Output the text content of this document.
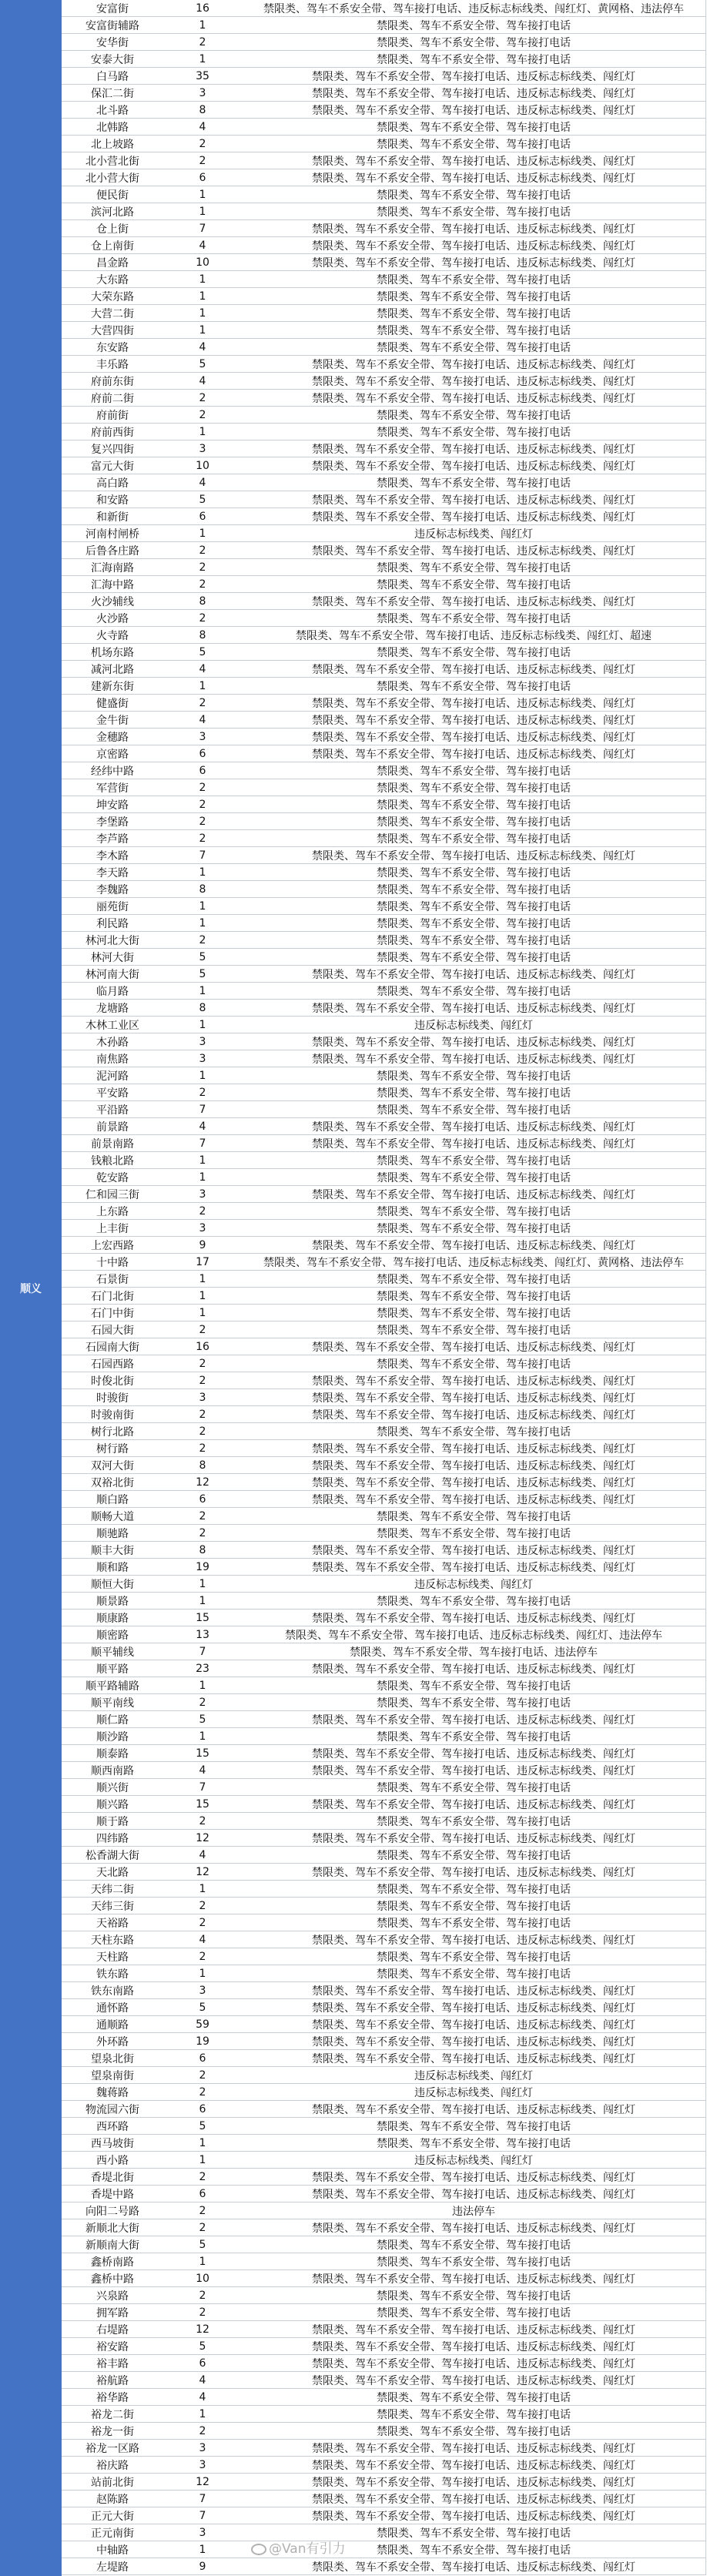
顺义
安富街	16	禁限类、驾车不系安全带、驾车接打电话、违反标志标线类、闯红灯、黄网格、违法停车
安富街辅路	1	禁限类、驾车不系安全带、驾车接打电话
安华街	2	禁限类、驾车不系安全带、驾车接打电话
安泰大街	1	禁限类、驾车不系安全带、驾车接打电话
白马路	35	禁限类、驾车不系安全带、驾车接打电话、违反标志标线类、闯红灯
保汇二街	3	禁限类、驾车不系安全带、驾车接打电话、违反标志标线类、闯红灯
北斗路	8	禁限类、驾车不系安全带、驾车接打电话、违反标志标线类、闯红灯
北韩路	4	禁限类、驾车不系安全带、驾车接打电话
北上坡路	2	禁限类、驾车不系安全带、驾车接打电话
北小营北街	2	禁限类、驾车不系安全带、驾车接打电话、违反标志标线类、闯红灯
北小营大街	6	禁限类、驾车不系安全带、驾车接打电话、违反标志标线类、闯红灯
便民街	1	禁限类、驾车不系安全带、驾车接打电话
滨河北路	1	禁限类、驾车不系安全带、驾车接打电话
仓上街	7	禁限类、驾车不系安全带、驾车接打电话、违反标志标线类、闯红灯
仓上南街	4	禁限类、驾车不系安全带、驾车接打电话、违反标志标线类、闯红灯
昌金路	10	禁限类、驾车不系安全带、驾车接打电话、违反标志标线类、闯红灯
大东路	1	禁限类、驾车不系安全带、驾车接打电话
大荣东路	1	禁限类、驾车不系安全带、驾车接打电话
大营二街	1	禁限类、驾车不系安全带、驾车接打电话
大营四街	1	禁限类、驾车不系安全带、驾车接打电话
东安路	4	禁限类、驾车不系安全带、驾车接打电话
丰乐路	5	禁限类、驾车不系安全带、驾车接打电话、违反标志标线类、闯红灯
府前东街	4	禁限类、驾车不系安全带、驾车接打电话、违反标志标线类、闯红灯
府前二街	2	禁限类、驾车不系安全带、驾车接打电话、违反标志标线类、闯红灯
府前街	2	禁限类、驾车不系安全带、驾车接打电话
府前西街	1	禁限类、驾车不系安全带、驾车接打电话
复兴四街	3	禁限类、驾车不系安全带、驾车接打电话、违反标志标线类、闯红灯
富元大街	10	禁限类、驾车不系安全带、驾车接打电话、违反标志标线类、闯红灯
高白路	4	禁限类、驾车不系安全带、驾车接打电话
和安路	5	禁限类、驾车不系安全带、驾车接打电话、违反标志标线类、闯红灯
和新街	6	禁限类、驾车不系安全带、驾车接打电话、违反标志标线类、闯红灯
河南村闸桥	1	违反标志标线类、闯红灯
后鲁各庄路	2	禁限类、驾车不系安全带、驾车接打电话、违反标志标线类、闯红灯
汇海南路	2	禁限类、驾车不系安全带、驾车接打电话
汇海中路	2	禁限类、驾车不系安全带、驾车接打电话
火沙辅线	8	禁限类、驾车不系安全带、驾车接打电话、违反标志标线类、闯红灯
火沙路	2	禁限类、驾车不系安全带、驾车接打电话
火寺路	8	禁限类、驾车不系安全带、驾车接打电话、违反标志标线类、闯红灯、超速
机场东路	5	禁限类、驾车不系安全带、驾车接打电话
减河北路	4	禁限类、驾车不系安全带、驾车接打电话、违反标志标线类、闯红灯
建新东街	1	禁限类、驾车不系安全带、驾车接打电话
健盛街	2	禁限类、驾车不系安全带、驾车接打电话、违反标志标线类、闯红灯
金牛街	4	禁限类、驾车不系安全带、驾车接打电话、违反标志标线类、闯红灯
金穗路	3	禁限类、驾车不系安全带、驾车接打电话、违反标志标线类、闯红灯
京密路	6	禁限类、驾车不系安全带、驾车接打电话、违反标志标线类、闯红灯
经纬中路	6	禁限类、驾车不系安全带、驾车接打电话
军营街	2	禁限类、驾车不系安全带、驾车接打电话
坤安路	2	禁限类、驾车不系安全带、驾车接打电话
李堡路	2	禁限类、驾车不系安全带、驾车接打电话
李芦路	2	禁限类、驾车不系安全带、驾车接打电话
李木路	7	禁限类、驾车不系安全带、驾车接打电话、违反标志标线类、闯红灯
李天路	1	禁限类、驾车不系安全带、驾车接打电话
李魏路	8	禁限类、驾车不系安全带、驾车接打电话
丽苑街	1	禁限类、驾车不系安全带、驾车接打电话
利民路	1	禁限类、驾车不系安全带、驾车接打电话
林河北大街	2	禁限类、驾车不系安全带、驾车接打电话
林河大街	5	禁限类、驾车不系安全带、驾车接打电话
林河南大街	5	禁限类、驾车不系安全带、驾车接打电话、违反标志标线类、闯红灯
临月路	1	禁限类、驾车不系安全带、驾车接打电话
龙塘路	8	禁限类、驾车不系安全带、驾车接打电话、违反标志标线类、闯红灯
木林工业区	1	违反标志标线类、闯红灯
木孙路	3	禁限类、驾车不系安全带、驾车接打电话、违反标志标线类、闯红灯
南焦路	3	禁限类、驾车不系安全带、驾车接打电话、违反标志标线类、闯红灯
泥河路	1	禁限类、驾车不系安全带、驾车接打电话
平安路	2	禁限类、驾车不系安全带、驾车接打电话
平沿路	7	禁限类、驾车不系安全带、驾车接打电话
前景路	4	禁限类、驾车不系安全带、驾车接打电话、违反标志标线类、闯红灯
前景南路	7	禁限类、驾车不系安全带、驾车接打电话、违反标志标线类、闯红灯
钱粮北路	1	禁限类、驾车不系安全带、驾车接打电话
乾安路	1	禁限类、驾车不系安全带、驾车接打电话
仁和园三街	3	禁限类、驾车不系安全带、驾车接打电话、违反标志标线类、闯红灯
上东路	2	禁限类、驾车不系安全带、驾车接打电话
上丰街	3	禁限类、驾车不系安全带、驾车接打电话
上宏西路	9	禁限类、驾车不系安全带、驾车接打电话、违反标志标线类、闯红灯
十中路	17	禁限类、驾车不系安全带、驾车接打电话、违反标志标线类、闯红灯、黄网格、违法停车
石景街	1	禁限类、驾车不系安全带、驾车接打电话
石门北街	1	禁限类、驾车不系安全带、驾车接打电话
石门中街	1	禁限类、驾车不系安全带、驾车接打电话
石园大街	2	禁限类、驾车不系安全带、驾车接打电话
石园南大街	16	禁限类、驾车不系安全带、驾车接打电话、违反标志标线类、闯红灯
石园西路	2	禁限类、驾车不系安全带、驾车接打电话
时俊北街	2	禁限类、驾车不系安全带、驾车接打电话、违反标志标线类、闯红灯
时骏街	3	禁限类、驾车不系安全带、驾车接打电话、违反标志标线类、闯红灯
时骏南街	2	禁限类、驾车不系安全带、驾车接打电话、违反标志标线类、闯红灯
树行北路	2	禁限类、驾车不系安全带、驾车接打电话
树行路	2	禁限类、驾车不系安全带、驾车接打电话、违反标志标线类、闯红灯
双河大街	8	禁限类、驾车不系安全带、驾车接打电话、违反标志标线类、闯红灯
双裕北街	12	禁限类、驾车不系安全带、驾车接打电话、违反标志标线类、闯红灯
顺白路	6	禁限类、驾车不系安全带、驾车接打电话、违反标志标线类、闯红灯
顺畅大道	2	禁限类、驾车不系安全带、驾车接打电话
顺驰路	2	禁限类、驾车不系安全带、驾车接打电话
顺丰大街	8	禁限类、驾车不系安全带、驾车接打电话、违反标志标线类、闯红灯
顺和路	19	禁限类、驾车不系安全带、驾车接打电话、违反标志标线类、闯红灯
顺恒大街	1	违反标志标线类、闯红灯
顺景路	1	禁限类、驾车不系安全带、驾车接打电话
顺康路	15	禁限类、驾车不系安全带、驾车接打电话、违反标志标线类、闯红灯
顺密路	13	禁限类、驾车不系安全带、驾车接打电话、违反标志标线类、闯红灯、违法停车
顺平辅线	7	禁限类、驾车不系安全带、驾车接打电话、违法停车
顺平路	23	禁限类、驾车不系安全带、驾车接打电话、违反标志标线类、闯红灯
顺平路辅路	1	禁限类、驾车不系安全带、驾车接打电话
顺平南线	2	禁限类、驾车不系安全带、驾车接打电话
顺仁路	5	禁限类、驾车不系安全带、驾车接打电话、违反标志标线类、闯红灯
顺沙路	1	禁限类、驾车不系安全带、驾车接打电话
顺泰路	15	禁限类、驾车不系安全带、驾车接打电话、违反标志标线类、闯红灯
顺西南路	4	禁限类、驾车不系安全带、驾车接打电话、违反标志标线类、闯红灯
顺兴街	7	禁限类、驾车不系安全带、驾车接打电话
顺兴路	15	禁限类、驾车不系安全带、驾车接打电话、违反标志标线类、闯红灯
顺于路	2	禁限类、驾车不系安全带、驾车接打电话
四纬路	12	禁限类、驾车不系安全带、驾车接打电话、违反标志标线类、闯红灯
松香湖大街	4	禁限类、驾车不系安全带、驾车接打电话
天北路	12	禁限类、驾车不系安全带、驾车接打电话、违反标志标线类、闯红灯
天纬二街	1	禁限类、驾车不系安全带、驾车接打电话
天纬三街	2	禁限类、驾车不系安全带、驾车接打电话
天裕路	2	禁限类、驾车不系安全带、驾车接打电话
天柱东路	4	禁限类、驾车不系安全带、驾车接打电话、违反标志标线类、闯红灯
天柱路	2	禁限类、驾车不系安全带、驾车接打电话
铁东路	1	禁限类、驾车不系安全带、驾车接打电话
铁东南路	3	禁限类、驾车不系安全带、驾车接打电话、违反标志标线类、闯红灯
通怀路	5	禁限类、驾车不系安全带、驾车接打电话、违反标志标线类、闯红灯
通顺路	59	禁限类、驾车不系安全带、驾车接打电话、违反标志标线类、闯红灯
外环路	19	禁限类、驾车不系安全带、驾车接打电话、违反标志标线类、闯红灯
望泉北街	6	禁限类、驾车不系安全带、驾车接打电话、违反标志标线类、闯红灯
望泉南街	2	违反标志标线类、闯红灯
魏蒋路	2	违反标志标线类、闯红灯
物流园六街	6	禁限类、驾车不系安全带、驾车接打电话、违反标志标线类、闯红灯
西环路	5	禁限类、驾车不系安全带、驾车接打电话
西马坡街	1	禁限类、驾车不系安全带、驾车接打电话
西小路	1	违反标志标线类、闯红灯
香堤北街	2	禁限类、驾车不系安全带、驾车接打电话、违反标志标线类、闯红灯
香堤中路	6	禁限类、驾车不系安全带、驾车接打电话、违反标志标线类、闯红灯
向阳二号路	2	违法停车
新顺北大街	2	禁限类、驾车不系安全带、驾车接打电话、违反标志标线类、闯红灯
新顺南大街	5	禁限类、驾车不系安全带、驾车接打电话
鑫桥南路	1	禁限类、驾车不系安全带、驾车接打电话
鑫桥中路	10	禁限类、驾车不系安全带、驾车接打电话、违反标志标线类、闯红灯
兴泉路	2	禁限类、驾车不系安全带、驾车接打电话
拥军路	2	禁限类、驾车不系安全带、驾车接打电话
右堤路	12	禁限类、驾车不系安全带、驾车接打电话、违反标志标线类、闯红灯
裕安路	5	禁限类、驾车不系安全带、驾车接打电话、违反标志标线类、闯红灯
裕丰路	6	禁限类、驾车不系安全带、驾车接打电话、违反标志标线类、闯红灯
裕航路	4	禁限类、驾车不系安全带、驾车接打电话、违反标志标线类、闯红灯
裕华路	4	禁限类、驾车不系安全带、驾车接打电话
裕龙二街	1	禁限类、驾车不系安全带、驾车接打电话
裕龙一街	2	禁限类、驾车不系安全带、驾车接打电话
裕龙一区路	3	禁限类、驾车不系安全带、驾车接打电话、违反标志标线类、闯红灯
裕庆路	3	禁限类、驾车不系安全带、驾车接打电话、违反标志标线类、闯红灯
站前北街	12	禁限类、驾车不系安全带、驾车接打电话、违反标志标线类、闯红灯
赵陈路	7	禁限类、驾车不系安全带、驾车接打电话、违反标志标线类、闯红灯
正元大街	7	禁限类、驾车不系安全带、驾车接打电话、违反标志标线类、闯红灯
正元南街	3	禁限类、驾车不系安全带、驾车接打电话
中轴路	1	禁限类、驾车不系安全带、驾车接打电话
左堤路	9	禁限类、驾车不系安全带、驾车接打电话、违反标志标线类、闯红灯
@Van有引力
